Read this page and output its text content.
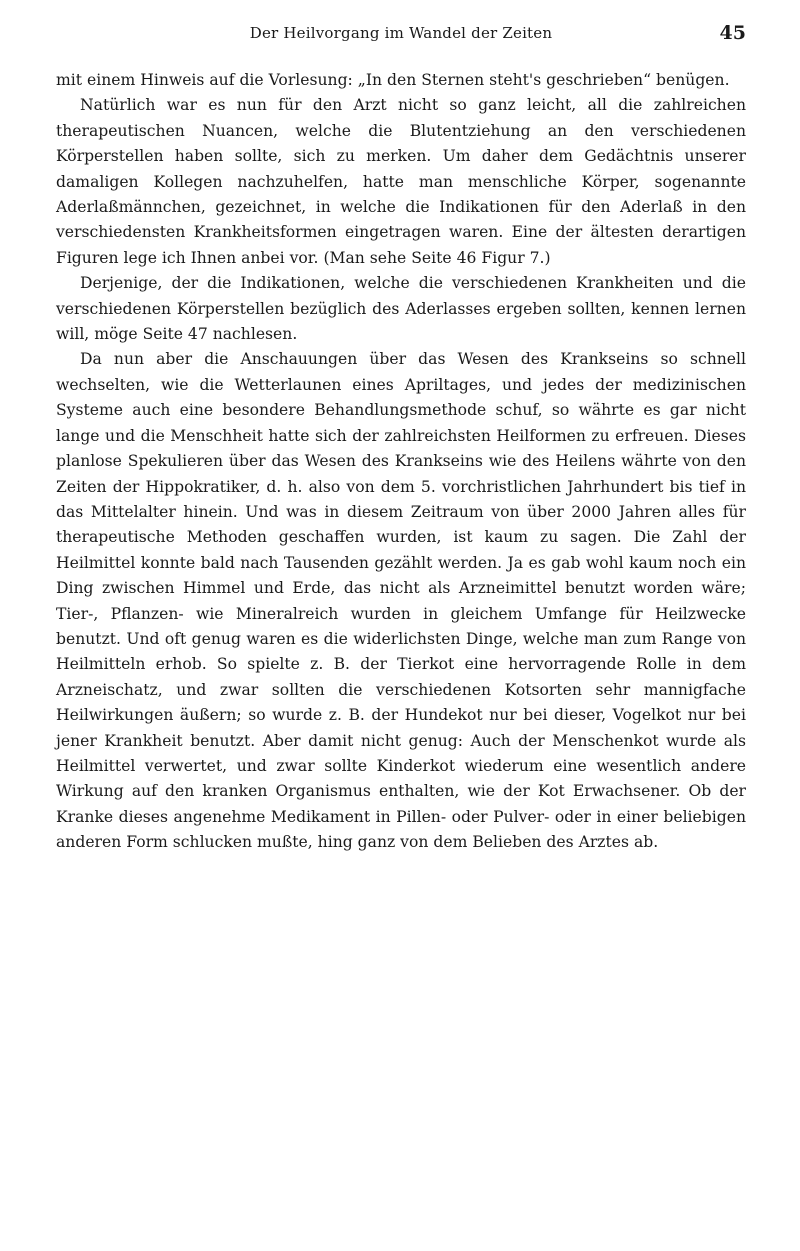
Der Heilvorgang im Wandel der Zeiten	45

mit einem Hinweis auf die Vorlesung: „In den Sternen steht's geschrieben“ benügen.

Natürlich war es nun für den Arzt nicht so ganz leicht, all die zahlreichen therapeutischen Nuancen, welche die Blutentziehung an den verschiedenen Körperstellen haben sollte, sich zu merken. Um daher dem Gedächtnis unserer damaligen Kollegen nachzuhelfen, hatte man menschliche Körper, sogenannte Aderlaßmännchen, gezeichnet, in welche die Indikationen für den Aderlaß in den verschiedensten Krankheitsformen eingetragen waren. Eine der ältesten derartigen Figuren lege ich Ihnen anbei vor. (Man sehe Seite 46 Figur 7.)

Derjenige, der die Indikationen, welche die verschiedenen Krankheiten und die verschiedenen Körperstellen bezüglich des Aderlasses ergeben sollten, kennen lernen will, möge Seite 47 nachlesen.

Da nun aber die Anschauungen über das Wesen des Krankseins so schnell wechselten, wie die Wetterlaunen eines Apriltages, und jedes der medizinischen Systeme auch eine besondere Behandlungsmethode schuf, so währte es gar nicht lange und die Menschheit hatte sich der zahlreichsten Heilformen zu erfreuen. Dieses planlose Spekulieren über das Wesen des Krankseins wie des Heilens währte von den Zeiten der Hippokratiker, d. h. also von dem 5. vorchristlichen Jahrhundert bis tief in das Mittelalter hinein. Und was in diesem Zeitraum von über 2000 Jahren alles für therapeutische Methoden geschaffen wurden, ist kaum zu sagen. Die Zahl der Heilmittel konnte bald nach Tausenden gezählt werden. Ja es gab wohl kaum noch ein Ding zwischen Himmel und Erde, das nicht als Arzneimittel benutzt worden wäre; Tier-, Pflanzen- wie Mineralreich wurden in gleichem Umfange für Heilzwecke benutzt. Und oft genug waren es die widerlichsten Dinge, welche man zum Range von Heilmitteln erhob. So spielte z. B. der Tierkot eine hervorragende Rolle in dem Arzneischatz, und zwar sollten die verschiedenen Kotsorten sehr mannigfache Heilwirkungen äußern; so wurde z. B. der Hundekot nur bei dieser, Vogelkot nur bei jener Krankheit benutzt. Aber damit nicht genug: Auch der Menschenkot wurde als Heilmittel verwertet, und zwar sollte Kinderkot wiederum eine wesentlich andere Wirkung auf den kranken Organismus enthalten, wie der Kot Erwachsener. Ob der Kranke dieses angenehme Medikament in Pillen- oder Pulver- oder in einer beliebigen anderen Form schlucken mußte, hing ganz von dem Belieben des Arztes ab.
